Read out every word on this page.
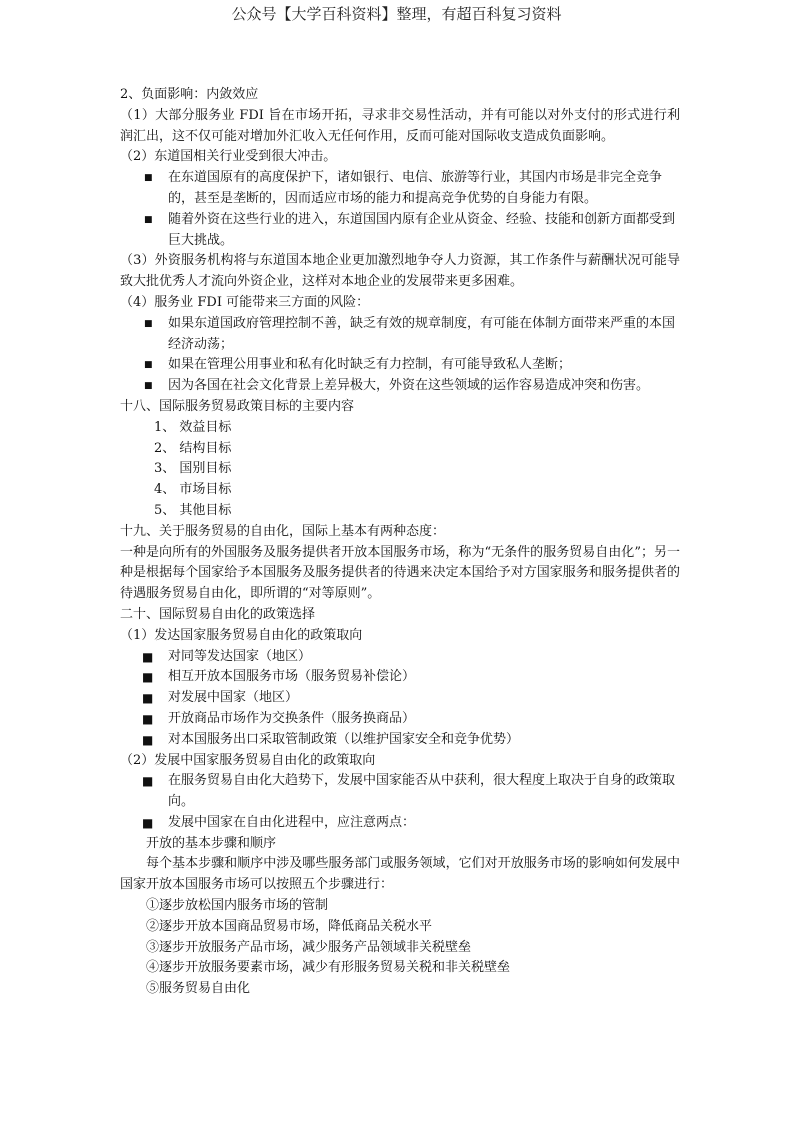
公众号【大学百科资料】整理，有超百科复习资料
2、负面影响：内敛效应
（1）大部分服务业 FDI 旨在市场开拓，寻求非交易性活动，并有可能以对外支付的形式进行利润汇出，这不仅可能对增加外汇收入无任何作用，反而可能对国际收支造成负面影响。
（2）东道国相关行业受到很大冲击。
■ 在东道国原有的高度保护下，诸如银行、电信、旅游等行业，其国内市场是非完全竞争的，甚至是垄断的，因而适应市场的能力和提高竞争优势的自身能力有限。
■ 随着外资在这些行业的进入，东道国国内原有企业从资金、经验、技能和创新方面都受到巨大挑战。
（3）外资服务机构将与东道国本地企业更加激烈地争夺人力资源，其工作条件与薪酬状况可能导致大批优秀人才流向外资企业，这样对本地企业的发展带来更多困难。
（4）服务业 FDI 可能带来三方面的风险：
■ 如果东道国政府管理控制不善，缺乏有效的规章制度，有可能在体制方面带来严重的本国经济动荡；
■ 如果在管理公用事业和私有化时缺乏有力控制，有可能导致私人垄断；
■ 因为各国在社会文化背景上差异极大，外资在这些领域的运作容易造成冲突和伤害。
十八、国际服务贸易政策目标的主要内容
1、 效益目标
2、 结构目标
3、 国别目标
4、 市场目标
5、 其他目标
十九、关于服务贸易的自由化，国际上基本有两种态度：
一种是向所有的外国服务及服务提供者开放本国服务市场，称为“无条件的服务贸易自由化”；另一种是根据每个国家给予本国服务及服务提供者的待遇来决定本国给予对方国家服务和服务提供者的待遇服务贸易自由化，即所谓的“对等原则”。
二十、国际贸易自由化的政策选择
（1）发达国家服务贸易自由化的政策取向
■ 对同等发达国家（地区）
■ 相互开放本国服务市场（服务贸易补偿论）
■ 对发展中国家（地区）
■ 开放商品市场作为交换条件（服务换商品）
■ 对本国服务出口采取管制政策（以维护国家安全和竞争优势）
（2）发展中国家服务贸易自由化的政策取向
■ 在服务贸易自由化大趋势下，发展中国家能否从中获利，很大程度上取决于自身的政策取向。
■ 发展中国家在自由化进程中，应注意两点：
开放的基本步骤和顺序
每个基本步骤和顺序中涉及哪些服务部门或服务领域，它们对开放服务市场的影响如何发展中国家开放本国服务市场可以按照五个步骤进行：
①逐步放松国内服务市场的管制
②逐步开放本国商品贸易市场，降低商品关税水平
③逐步开放服务产品市场，减少服务产品领域非关税壁垒
④逐步开放服务要素市场，减少有形服务贸易关税和非关税壁垒
⑤服务贸易自由化
